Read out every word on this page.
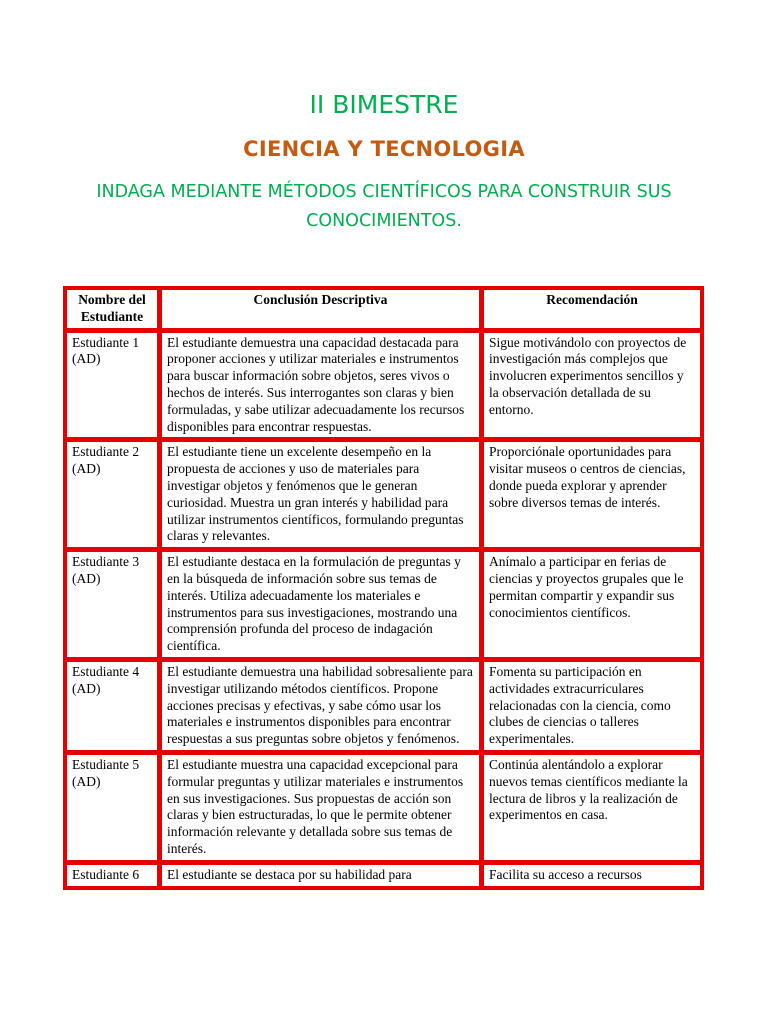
II BIMESTRE
CIENCIA Y TECNOLOGIA
INDAGA MEDIANTE MÉTODOS CIENTÍFICOS PARA CONSTRUIR SUS CONOCIMIENTOS.
Nombre del Estudiante	Conclusión Descriptiva	Recomendación
Estudiante 1 (AD)	El estudiante demuestra una capacidad destacada para proponer acciones y utilizar materiales e instrumentos para buscar información sobre objetos, seres vivos o hechos de interés. Sus interrogantes son claras y bien formuladas, y sabe utilizar adecuadamente los recursos disponibles para encontrar respuestas.	Sigue motivándolo con proyectos de investigación más complejos que involucren experimentos sencillos y la observación detallada de su entorno.
Estudiante 2 (AD)	El estudiante tiene un excelente desempeño en la propuesta de acciones y uso de materiales para investigar objetos y fenómenos que le generan curiosidad. Muestra un gran interés y habilidad para utilizar instrumentos científicos, formulando preguntas claras y relevantes.	Proporciónale oportunidades para visitar museos o centros de ciencias, donde pueda explorar y aprender sobre diversos temas de interés.
Estudiante 3 (AD)	El estudiante destaca en la formulación de preguntas y en la búsqueda de información sobre sus temas de interés. Utiliza adecuadamente los materiales e instrumentos para sus investigaciones, mostrando una comprensión profunda del proceso de indagación científica.	Anímalo a participar en ferias de ciencias y proyectos grupales que le permitan compartir y expandir sus conocimientos científicos.
Estudiante 4 (AD)	El estudiante demuestra una habilidad sobresaliente para investigar utilizando métodos científicos. Propone acciones precisas y efectivas, y sabe cómo usar los materiales e instrumentos disponibles para encontrar respuestas a sus preguntas sobre objetos y fenómenos.	Fomenta su participación en actividades extracurriculares relacionadas con la ciencia, como clubes de ciencias o talleres experimentales.
Estudiante 5 (AD)	El estudiante muestra una capacidad excepcional para formular preguntas y utilizar materiales e instrumentos en sus investigaciones. Sus propuestas de acción son claras y bien estructuradas, lo que le permite obtener información relevante y detallada sobre sus temas de interés.	Continúa alentándolo a explorar nuevos temas científicos mediante la lectura de libros y la realización de experimentos en casa.
Estudiante 6	El estudiante se destaca por su habilidad para	Facilita su acceso a recursos
